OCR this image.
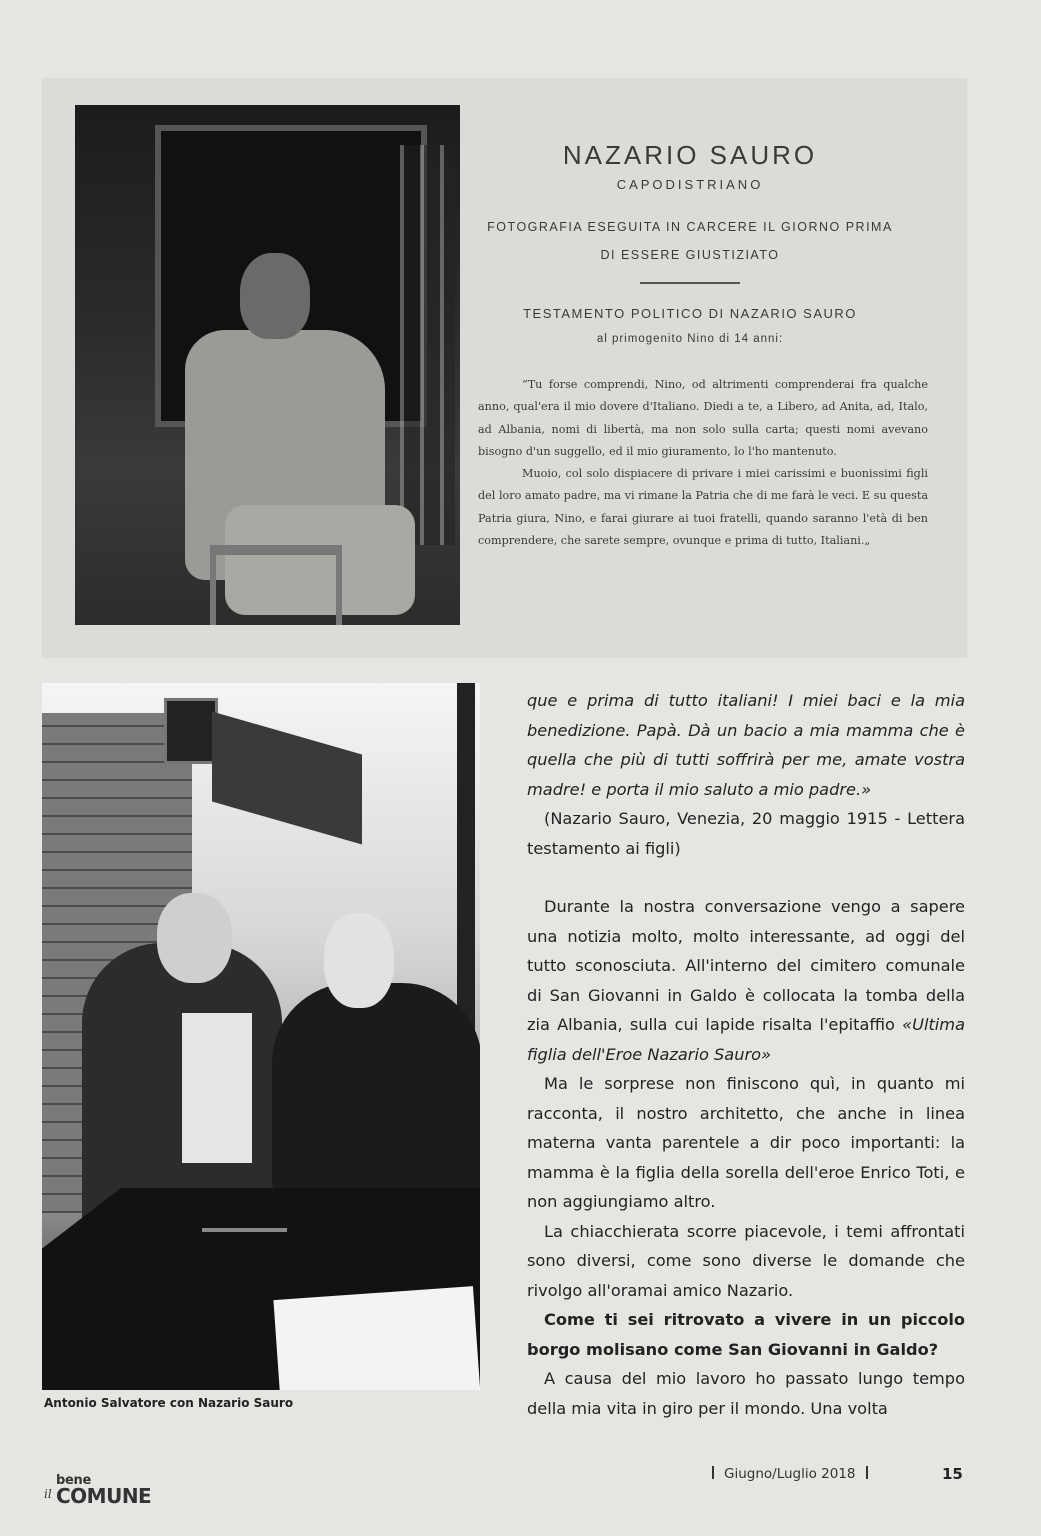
NAZARIO SAURO
CAPODISTRIANO
FOTOGRAFIA ESEGUITA IN CARCERE IL GIORNO PRIMA
DI ESSERE GIUSTIZIATO
TESTAMENTO POLITICO DI NAZARIO SAURO
al primogenito Nino di 14 anni:

“Tu forse comprendi, Nino, od altrimenti comprenderai fra qualche anno, qual'era il mio dovere d'Italiano. Diedi a te, a Libero, ad Anita, ad, Italo, ad Albania, nomi di libertà, ma non solo sulla carta; questi nomi avevano bisogno d'un suggello, ed il mio giuramento, lo l'ho mantenuto.

Muoio, col solo dispiacere di privare i miei carissimi e buonissimi figli del loro amato padre, ma vi rimane la Patria che di me farà le veci. E su questa Patria giura, Nino, e farai giurare ai tuoi fratelli, quando saranno l'età di ben comprendere, che sarete sempre, ovunque e prima di tutto, Italiani.„

Antonio Salvatore con Nazario Sauro

que e prima di tutto italiani! I miei baci e la mia benedizione. Papà. Dà un bacio a mia mamma che è quella che più di tutti soffrirà per me, amate vostra madre! e porta il mio saluto a mio padre.»

(Nazario Sauro, Venezia, 20 maggio 1915 - Lettera testamento ai figli)

Durante la nostra conversazione vengo a sapere una notizia molto, molto interessante, ad oggi del tutto sconosciuta. All'interno del cimitero comunale di San Giovanni in Galdo è collocata la tomba della zia Albania, sulla cui lapide risalta l'epitaffio «Ultima figlia dell'Eroe Nazario Sauro»

Ma le sorprese non finiscono quì, in quanto mi racconta, il nostro architetto, che anche in linea materna vanta parentele a dir poco importanti: la mamma è la figlia della sorella dell'eroe Enrico Toti, e non aggiungiamo altro.

La chiacchierata scorre piacevole, i temi affrontati sono diversi, come sono diverse le domande che rivolgo all'oramai amico Nazario.

Come ti sei ritrovato a vivere in un piccolo borgo molisano come San Giovanni in Galdo?

A causa del mio lavoro ho passato lungo tempo della mia vita in giro per il mondo. Una volta

bene
il COMUNE
Giugno/Luglio 2018	15
